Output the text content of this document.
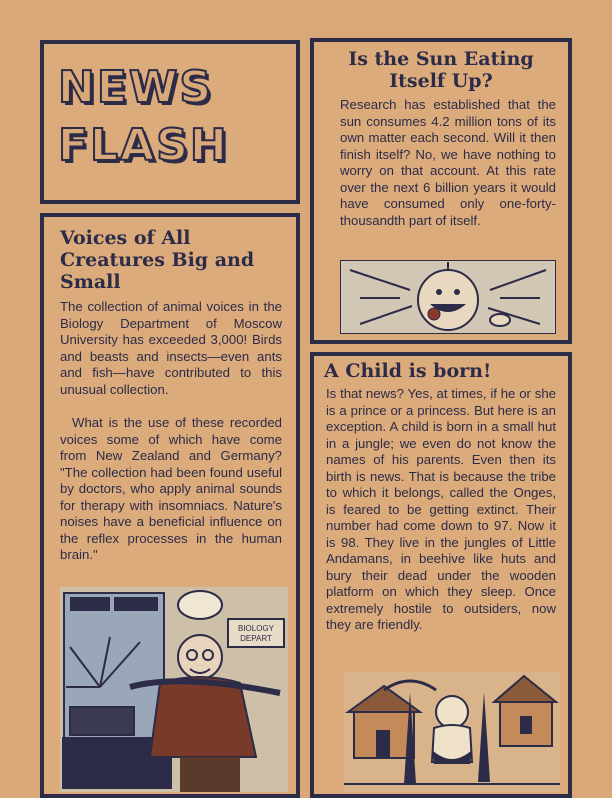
NEWS
FLASH
Is the Sun Eating Itself Up?

Research has established that the sun consumes 4.2 million tons of its own matter each second. Will it then finish itself? No, we have nothing to worry on that account. At this rate over the next 6 billion years it would have consumed only one-forty-thousandth part of itself.

Voices of All Creatures Big and Small

The collection of animal voices in the Biology Department of Moscow University has exceeded 3,000! Birds and beasts and insects—even ants and fish—have contributed to this unusual collection.

What is the use of these recorded voices some of which have come from New Zealand and Germany? "The collection had been found useful by doctors, who apply animal sounds for therapy with insomniacs. Nature's noises have a beneficial influence on the reflex processes in the human brain."

BIOLOGY
DEPART
A Child is born!

Is that news? Yes, at times, if he or she is a prince or a princess. But here is an exception. A child is born in a small hut in a jungle; we even do not know the names of his parents. Even then its birth is news. That is because the tribe to which it belongs, called the Onges, is feared to be getting extinct. Their number had come down to 97. Now it is 98. They live in the jungles of Little Andamans, in beehive like huts and bury their dead under the wooden platform on which they sleep. Once extremely hostile to outsiders, now they are friendly.
